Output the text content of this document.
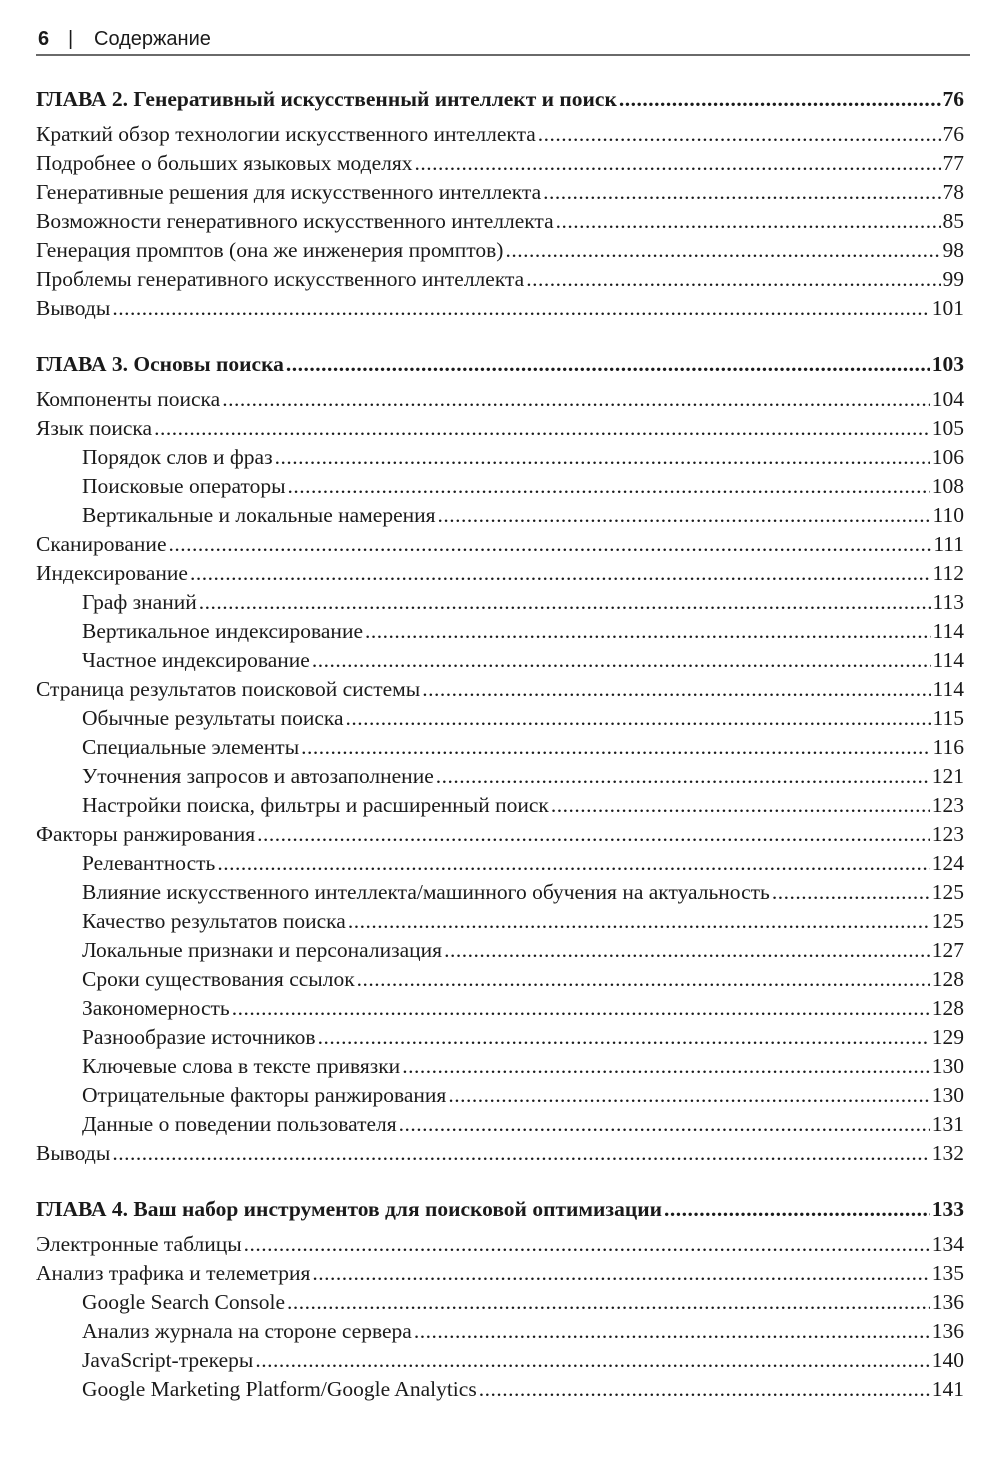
6 |	Содержание
ГЛАВА 2. Генеративный искусственный интеллект и поиск .....	76
Краткий обзор технологии искусственного интеллекта .....	76
Подробнее о больших языковых моделях .....	77
Генеративные решения для искусственного интеллекта .....	78
Возможности генеративного искусственного интеллекта .....	85
Генерация промптов (она же инженерия промптов) .....	98
Проблемы генеративного искусственного интеллекта .....	99
Выводы .....	101
ГЛАВА 3. Основы поиска .....	103
Компоненты поиска .....	104
Язык поиска .....	105
Порядок слов и фраз .....	106
Поисковые операторы .....	108
Вертикальные и локальные намерения .....	110
Сканирование .....	111
Индексирование .....	112
Граф знаний .....	113
Вертикальное индексирование .....	114
Частное индексирование .....	114
Страница результатов поисковой системы .....	114
Обычные результаты поиска .....	115
Специальные элементы .....	116
Уточнения запросов и автозаполнение .....	121
Настройки поиска, фильтры и расширенный поиск .....	123
Факторы ранжирования .....	123
Релевантность .....	124
Влияние искусственного интеллекта/машинного обучения на актуальность .....	125
Качество результатов поиска .....	125
Локальные признаки и персонализация .....	127
Сроки существования ссылок .....	128
Закономерность .....	128
Разнообразие источников .....	129
Ключевые слова в тексте привязки .....	130
Отрицательные факторы ранжирования .....	130
Данные о поведении пользователя .....	131
Выводы .....	132
ГЛАВА 4. Ваш набор инструментов для поисковой оптимизации .....	133
Электронные таблицы .....	134
Анализ трафика и телеметрия .....	135
Google Search Console .....	136
Анализ журнала на стороне сервера .....	136
JavaScript-трекеры .....	140
Google Marketing Platform/Google Analytics .....	141
